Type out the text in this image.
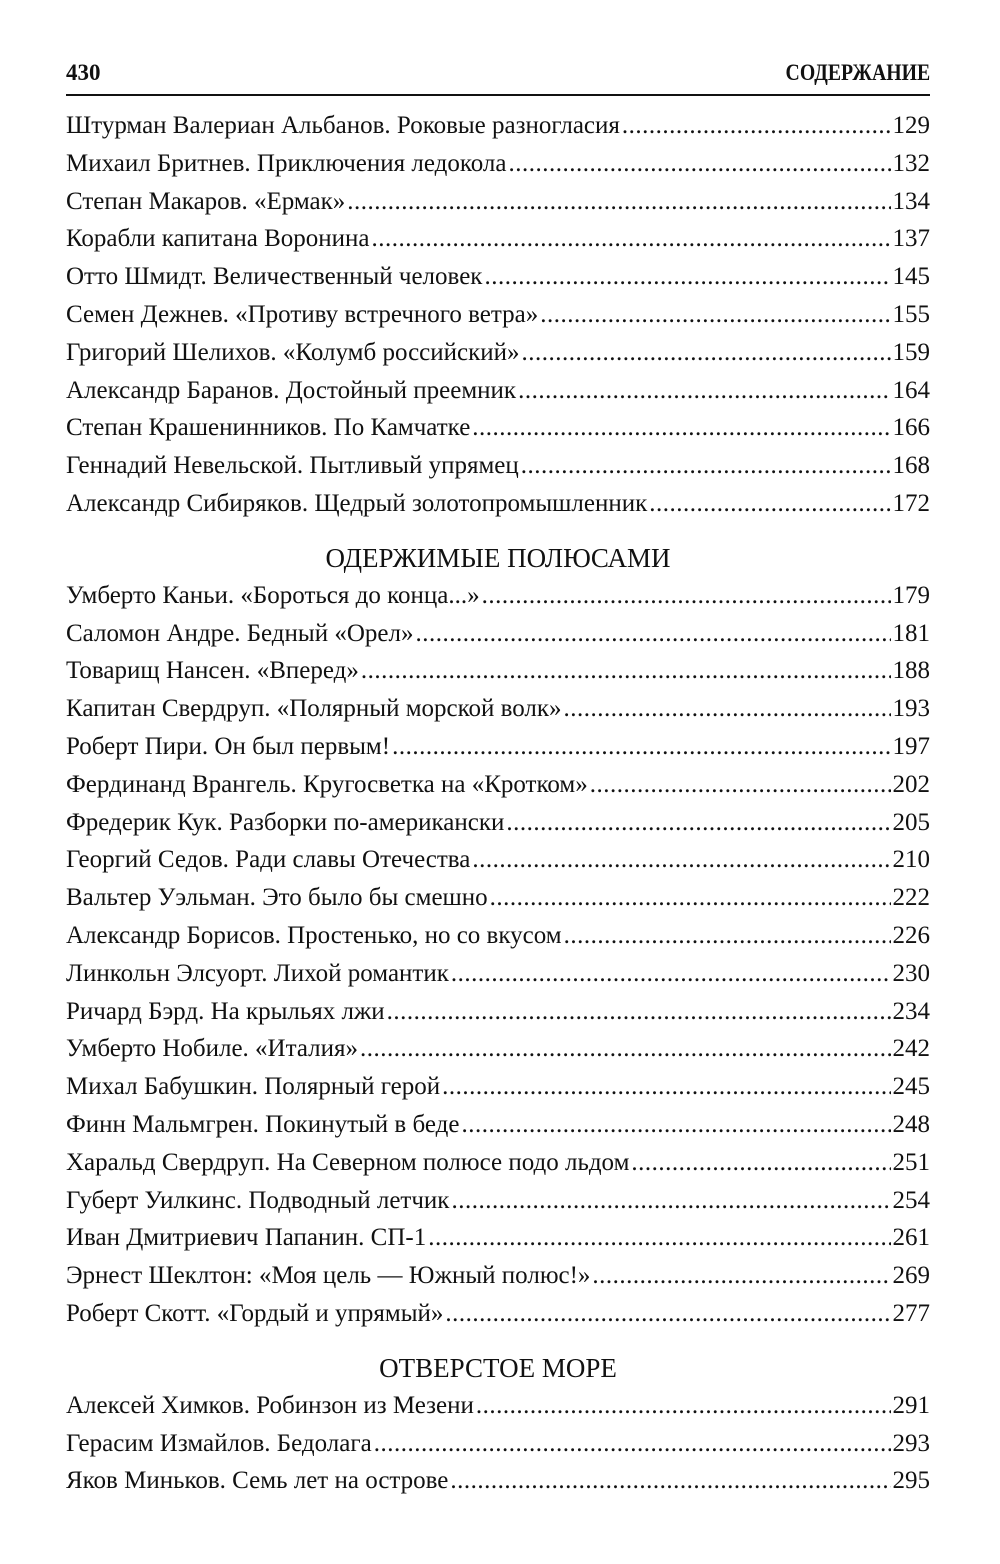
430	СОДЕРЖАНИЕ
Штурман Валериан Альбанов. Роковые разногласия .....	129
Михаил Бритнев. Приключения ледокола .....	132
Степан Макаров. «Ермак» .....	134
Корабли капитана Воронина .....	137
Отто Шмидт. Величественный человек .....	145
Семен Дежнев. «Противу встречного ветра» .....	155
Григорий Шелихов. «Колумб российский» .....	159
Александр Баранов. Достойный преемник .....	164
Степан Крашенинников. По Камчатке .....	166
Геннадий Невельской. Пытливый упрямец .....	168
Александр Сибиряков. Щедрый золотопромышленник .....	172
ОДЕРЖИМЫЕ ПОЛЮСАМИ
Умберто Каньи. «Бороться до конца...» .....	179
Саломон Андре. Бедный «Орел» .....	181
Товарищ Нансен. «Вперед» .....	188
Капитан Свердруп. «Полярный морской волк» .....	193
Роберт Пири. Он был первым! .....	197
Фердинанд Врангель. Кругосветка на «Кротком» .....	202
Фредерик Кук. Разборки по-американски .....	205
Георгий Седов. Ради славы Отечества .....	210
Вальтер Уэльман. Это было бы смешно .....	222
Александр Борисов. Простенько, но со вкусом .....	226
Линкольн Элсуорт. Лихой романтик .....	230
Ричард Бэрд. На крыльях лжи .....	234
Умберто Нобиле. «Италия» .....	242
Михал Бабушкин. Полярный герой .....	245
Финн Мальмгрен. Покинутый в беде .....	248
Харальд Свердруп. На Северном полюсе подо льдом .....	251
Губерт Уилкинс. Подводный летчик .....	254
Иван Дмитриевич Папанин. СП-1 .....	261
Эрнест Шеклтон: «Моя цель — Южный полюс!» .....	269
Роберт Скотт. «Гордый и упрямый» .....	277
ОТВЕРСТОЕ МОРЕ
Алексей Химков. Робинзон из Мезени .....	291
Герасим Измайлов. Бедолага .....	293
Яков Миньков. Семь лет на острове .....	295
